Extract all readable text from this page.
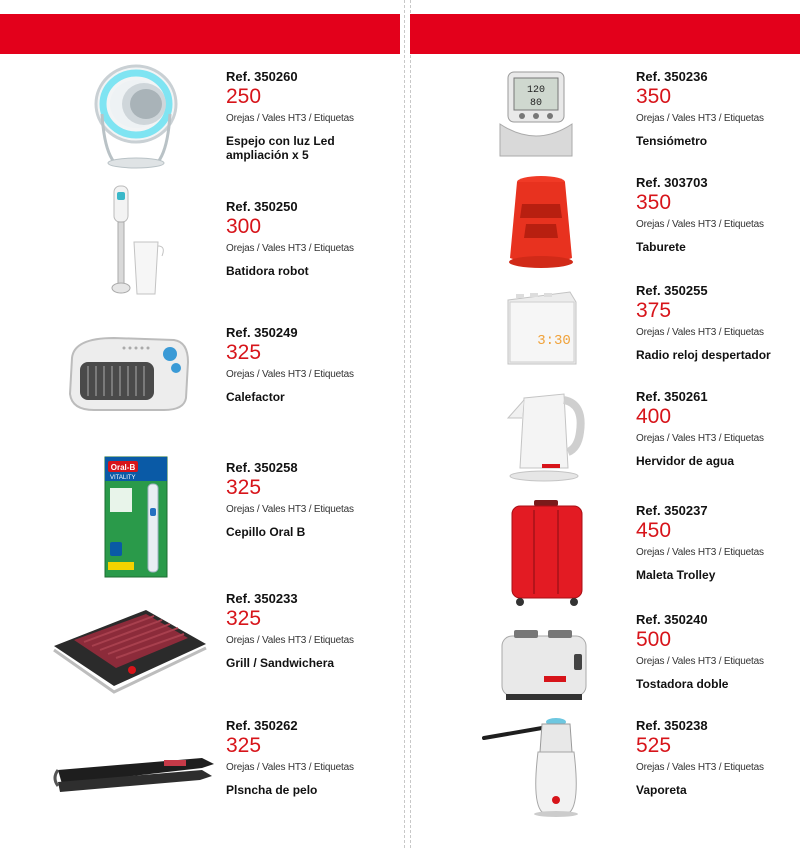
Ref. 350260
250
Orejas / Vales HT3 / Etiquetas
Espejo con luz Led ampliación x 5
Ref. 350250
300
Orejas / Vales HT3 / Etiquetas
Batidora robot
Ref. 350249
325
Orejas / Vales HT3 / Etiquetas
Calefactor
Oral-B
VITALITY
Ref. 350258
325
Orejas / Vales HT3 / Etiquetas
Cepillo Oral B
Ref. 350233
325
Orejas / Vales HT3 / Etiquetas
Grill / Sandwichera
Ref. 350262
325
Orejas / Vales HT3 / Etiquetas
Plsncha de pelo
120
80
Ref. 350236
350
Orejas / Vales HT3 / Etiquetas
Tensiómetro
Ref. 303703
350
Orejas / Vales HT3 / Etiquetas
Taburete
3:30
Ref. 350255
375
Orejas / Vales HT3 / Etiquetas
Radio reloj despertador
Ref. 350261
400
Orejas / Vales HT3 / Etiquetas
Hervidor de agua
Ref. 350237
450
Orejas / Vales HT3 / Etiquetas
Maleta Trolley
Ref. 350240
500
Orejas / Vales HT3 / Etiquetas
Tostadora doble
Ref. 350238
525
Orejas / Vales HT3 / Etiquetas
Vaporeta
